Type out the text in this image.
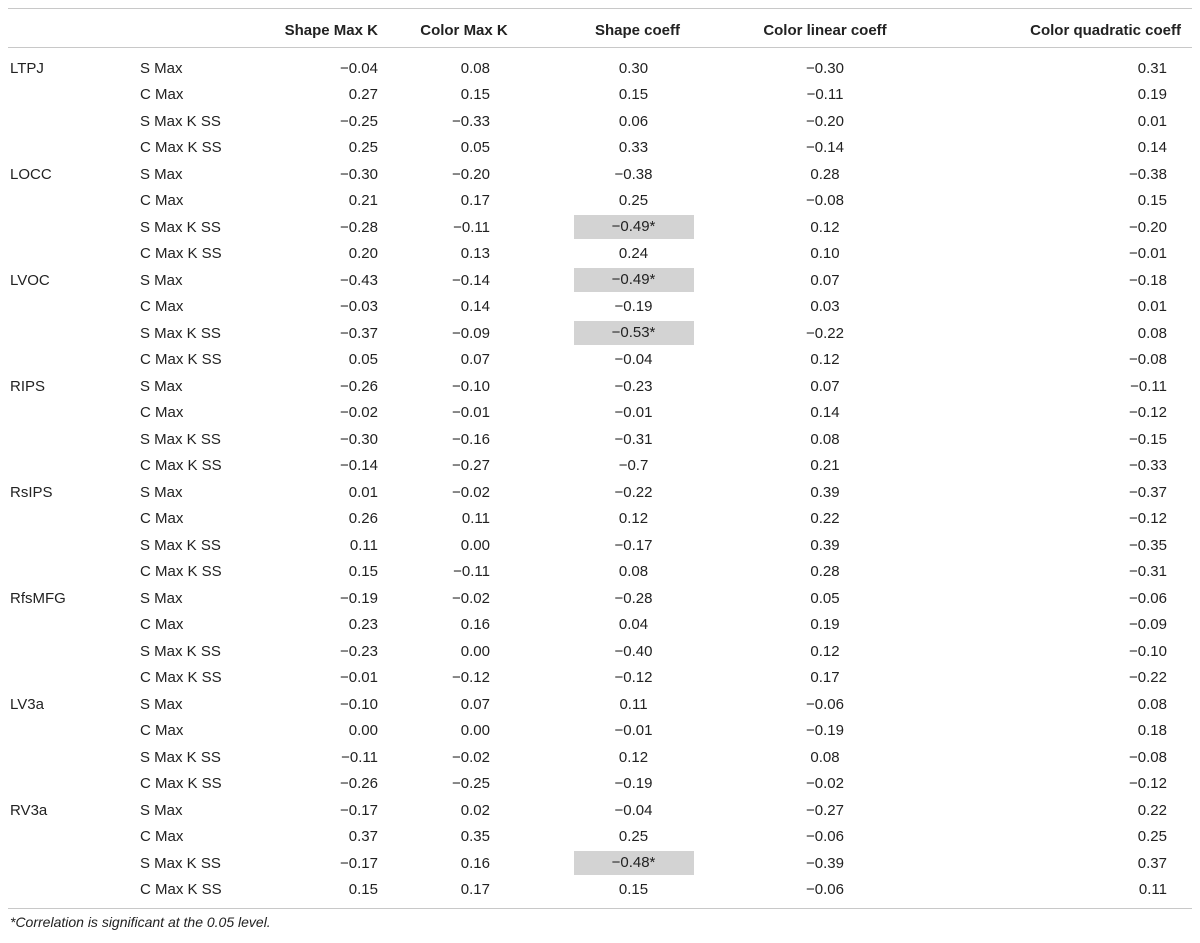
		Shape Max K	Color Max K	Shape coeff	Color linear coeff	Color quadratic coeff
LTPJ	S Max	−0.04	0.08	0.30	−0.30	0.31
	C Max	0.27	0.15	0.15	−0.11	0.19
	S Max K SS	−0.25	−0.33	0.06	−0.20	0.01
	C Max K SS	0.25	0.05	0.33	−0.14	0.14
LOCC	S Max	−0.30	−0.20	−0.38	0.28	−0.38
	C Max	0.21	0.17	0.25	−0.08	0.15
	S Max K SS	−0.28	−0.11	−0.49*	0.12	−0.20
	C Max K SS	0.20	0.13	0.24	0.10	−0.01
LVOC	S Max	−0.43	−0.14	−0.49*	0.07	−0.18
	C Max	−0.03	0.14	−0.19	0.03	0.01
	S Max K SS	−0.37	−0.09	−0.53*	−0.22	0.08
	C Max K SS	0.05	0.07	−0.04	0.12	−0.08
RIPS	S Max	−0.26	−0.10	−0.23	0.07	−0.11
	C Max	−0.02	−0.01	−0.01	0.14	−0.12
	S Max K SS	−0.30	−0.16	−0.31	0.08	−0.15
	C Max K SS	−0.14	−0.27	−0.7	0.21	−0.33
RsIPS	S Max	0.01	−0.02	−0.22	0.39	−0.37
	C Max	0.26	0.11	0.12	0.22	−0.12
	S Max K SS	0.11	0.00	−0.17	0.39	−0.35
	C Max K SS	0.15	−0.11	0.08	0.28	−0.31
RfsMFG	S Max	−0.19	−0.02	−0.28	0.05	−0.06
	C Max	0.23	0.16	0.04	0.19	−0.09
	S Max K SS	−0.23	0.00	−0.40	0.12	−0.10
	C Max K SS	−0.01	−0.12	−0.12	0.17	−0.22
LV3a	S Max	−0.10	0.07	0.11	−0.06	0.08
	C Max	0.00	0.00	−0.01	−0.19	0.18
	S Max K SS	−0.11	−0.02	0.12	0.08	−0.08
	C Max K SS	−0.26	−0.25	−0.19	−0.02	−0.12
RV3a	S Max	−0.17	0.02	−0.04	−0.27	0.22
	C Max	0.37	0.35	0.25	−0.06	0.25
	S Max K SS	−0.17	0.16	−0.48*	−0.39	0.37
	C Max K SS	0.15	0.17	0.15	−0.06	0.11
*Correlation is significant at the 0.05 level.
